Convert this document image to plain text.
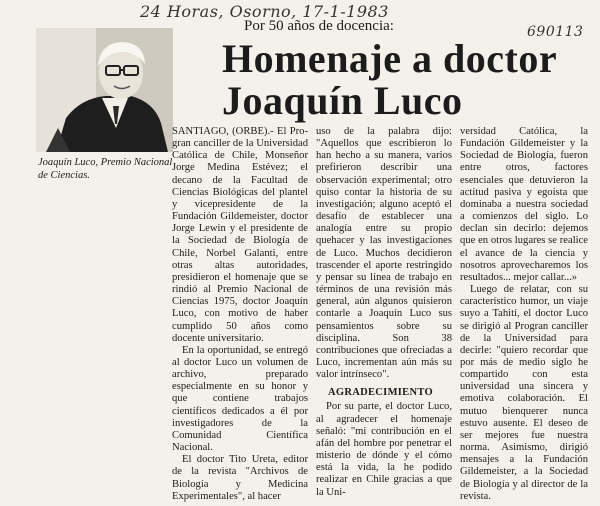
24 Horas, Osorno, 17-1-1983
690113
Joaquín Luco, Premio Nacional de Ciencias.
Por 50 años de docencia:
Homenaje a doctor Joaquín Luco

SANTIAGO, (ORBE).- El Pro-gran canciller de la Universidad Católica de Chile, Monseñor Jorge Medina Estévez; el decano de la Facultad de Ciencias Biológicas del plantel y vicepresidente de la Fundación Gildemeister, doctor Jorge Lewin y el presidente de la Sociedad de Biología de Chile, Norbel Galanti, entre otras altas autoridades, presidieron el homenaje que se rindió al Premio Nacional de Ciencias 1975, doctor Joaquín Luco, con motivo de haber cumplido 50 años como docente universitario.

En la oportunidad, se entregó al doctor Luco un volumen de archivo, preparado especialmente en su honor y que contiene trabajos científicos dedicados a él por investigadores de la Comunidad Científica Nacional.

El doctor Tito Ureta, editor de la revista "Archivos de Biología y Medicina Experimentales", al hacer

uso de la palabra dijo: "Aquellos que escribieron lo han hecho a su manera, varios prefirieron describir una observación experimental; otro quiso contar la historia de su investigación; alguno aceptó el desafío de establecer una analogía entre su propio quehacer y las investigaciones de Luco. Muchos decidieron trascender el aporte restringido y pensar su línea de trabajo en términos de una revisión más general, aún algunos quisieron contarle a Joaquín Luco sus pensamientos sobre su disciplina. Son 38 contribuciones que ofreciadas a Luco, incrementan aún más su valor intrínseco".

AGRADECIMIENTO

Por su parte, el doctor Luco, al agradecer el homenaje señaló: "mi contribución en el afán del hombre por penetrar el misterio de dónde y el cómo está la vida, la he podido realizar en Chile gracias a que la Uni-

versidad Católica, la Fundación Gildemeister y la Sociedad de Biología, fueron entre otros, factores esenciales que detuvieron la actitud pasiva y egoísta que dominaba a nuestra sociedad a comienzos del siglo. Lo declan sin decirlo: dejemos que en otros lugares se realice el avance de la ciencia y nosotros aprovecharemos los resultados... mejor callar...»

Luego de relatar, con su característico humor, un viaje suyo a Tahití, el doctor Luco se dirigió al Progran canciller de la Universidad para decirle: "quiero recordar que por más de medio siglo he compartido con esta universidad una sincera y emotiva colaboración. El mutuo bienquerer nunca estuvo ausente. El deseo de ser mejores fue nuestra norma. Asimismo, dirigió mensajes a la Fundación Gildemeister, a la Sociedad de Biología y al director de la revista.
